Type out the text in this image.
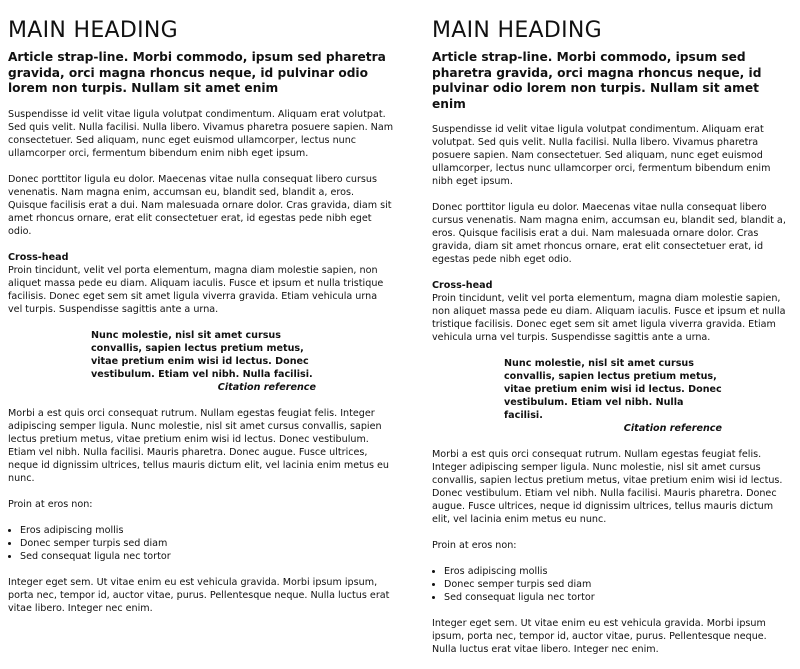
MAIN HEADING

Article strap-line. Morbi commodo, ipsum sed pharetra gravida, orci magna rhoncus neque, id pulvinar odio lorem non turpis. Nullam sit amet enim

Suspendisse id velit vitae ligula volutpat condimentum. Aliquam erat volutpat. Sed quis velit. Nulla facilisi. Nulla libero. Vivamus pharetra posuere sapien. Nam consectetuer. Sed aliquam, nunc eget euismod ullamcorper, lectus nunc ullamcorper orci, fermentum bibendum enim nibh eget ipsum.

Donec porttitor ligula eu dolor. Maecenas vitae nulla consequat libero cursus venenatis. Nam magna enim, accumsan eu, blandit sed, blandit a, eros. Quisque facilisis erat a dui. Nam malesuada ornare dolor. Cras gravida, diam sit amet rhoncus ornare, erat elit consectetuer erat, id egestas pede nibh eget odio.

Cross-head

Proin tincidunt, velit vel porta elementum, magna diam molestie sapien, non aliquet massa pede eu diam. Aliquam iaculis. Fusce et ipsum et nulla tristique facilisis. Donec eget sem sit amet ligula viverra gravida. Etiam vehicula urna vel turpis. Suspendisse sagittis ante a urna.

Nunc molestie, nisl sit amet cursus convallis, sapien lectus pretium metus, vitae pretium enim wisi id lectus. Donec vestibulum. Etiam vel nibh. Nulla facilisi.

Citation reference

Morbi a est quis orci consequat rutrum. Nullam egestas feugiat felis. Integer adipiscing semper ligula. Nunc molestie, nisl sit amet cursus convallis, sapien lectus pretium metus, vitae pretium enim wisi id lectus. Donec vestibulum. Etiam vel nibh. Nulla facilisi. Mauris pharetra. Donec augue. Fusce ultrices, neque id dignissim ultrices, tellus mauris dictum elit, vel lacinia enim metus eu nunc.

Proin at eros non:

• Eros adipiscing mollis
• Donec semper turpis sed diam
• Sed consequat ligula nec tortor

Integer eget sem. Ut vitae enim eu est vehicula gravida. Morbi ipsum ipsum, porta nec, tempor id, auctor vitae, purus. Pellentesque neque. Nulla luctus erat vitae libero. Integer nec enim.

MAIN HEADING

Article strap-line. Morbi commodo, ipsum sed pharetra gravida, orci magna rhoncus neque, id pulvinar odio lorem non turpis. Nullam sit amet enim

Suspendisse id velit vitae ligula volutpat condimentum. Aliquam erat volutpat. Sed quis velit. Nulla facilisi. Nulla libero. Vivamus pharetra posuere sapien. Nam consectetuer. Sed aliquam, nunc eget euismod ullamcorper, lectus nunc ullamcorper orci, fermentum bibendum enim nibh eget ipsum.

Donec porttitor ligula eu dolor. Maecenas vitae nulla consequat libero cursus venenatis. Nam magna enim, accumsan eu, blandit sed, blandit a, eros. Quisque facilisis erat a dui. Nam malesuada ornare dolor. Cras gravida, diam sit amet rhoncus ornare, erat elit consectetuer erat, id egestas pede nibh eget odio.

Cross-head

Proin tincidunt, velit vel porta elementum, magna diam molestie sapien, non aliquet massa pede eu diam. Aliquam iaculis. Fusce et ipsum et nulla tristique facilisis. Donec eget sem sit amet ligula viverra gravida. Etiam vehicula urna vel turpis. Suspendisse sagittis ante a urna.

Nunc molestie, nisl sit amet cursus convallis, sapien lectus pretium metus, vitae pretium enim wisi id lectus. Donec vestibulum. Etiam vel nibh. Nulla facilisi.

Citation reference

Morbi a est quis orci consequat rutrum. Nullam egestas feugiat felis. Integer adipiscing semper ligula. Nunc molestie, nisl sit amet cursus convallis, sapien lectus pretium metus, vitae pretium enim wisi id lectus. Donec vestibulum. Etiam vel nibh. Nulla facilisi. Mauris pharetra. Donec augue. Fusce ultrices, neque id dignissim ultrices, tellus mauris dictum elit, vel lacinia enim metus eu nunc.

Proin at eros non:

• Eros adipiscing mollis
• Donec semper turpis sed diam
• Sed consequat ligula nec tortor

Integer eget sem. Ut vitae enim eu est vehicula gravida. Morbi ipsum ipsum, porta nec, tempor id, auctor vitae, purus. Pellentesque neque. Nulla luctus erat vitae libero. Integer nec enim.
